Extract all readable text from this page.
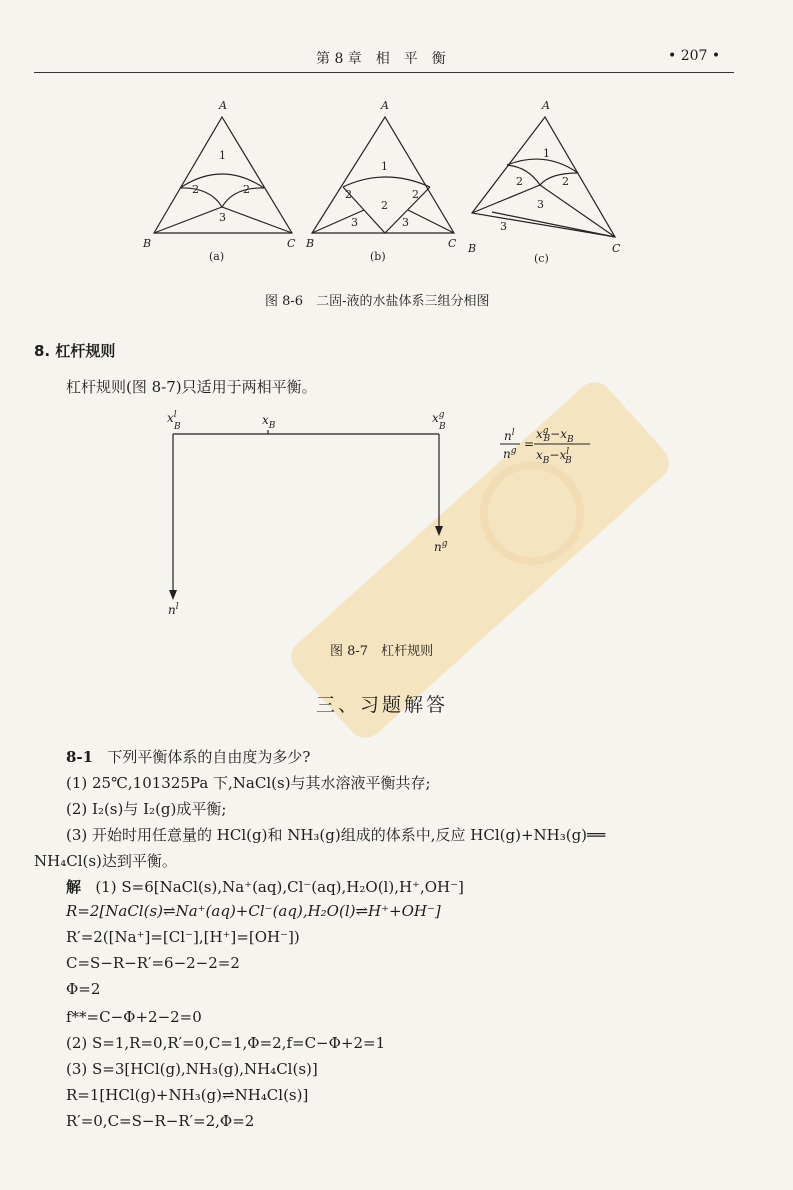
第 8 章　相　平　衡	• 207 •
A
B	C
1
2	2
3
(a)
A
B	C
1
2
2
2
3	3
(b)
A
B	C
1
2	2
3
3
(c)
图 8-6　二固-液的水盐体系三组分相图
8. 杠杆规则
杠杆规则(图 8-7)只适用于两相平衡。
$x^l$
B	$x_B$
$x^g$
B
$n^g$
$n^l$
$n^l$
$n^g$ =
$x^g$ $B-x_B$
$x_B-x^l$ B
图 8-7　杠杆规则
三、习题解答
8-1 下列平衡体系的自由度为多少?
(1) 25℃,101325Pa 下,NaCl(s)与其水溶液平衡共存;
(2) I₂(s)与 I₂(g)成平衡;
(3) 开始时用任意量的 HCl(g)和 NH₃(g)组成的体系中,反应 HCl(g)+NH₃(g)══
NH₄Cl(s)达到平衡。
解 (1) S=6[NaCl(s),Na⁺(aq),Cl⁻(aq),H₂O(l),H⁺,OH⁻]
R=2[NaCl(s)⇌Na⁺(aq)+Cl⁻(aq),H₂O(l)⇌H⁺+OH⁻]
R′=2([Na⁺]=[Cl⁻],[H⁺]=[OH⁻])
C=S−R−R′=6−2−2=2
Φ=2
f**=C−Φ+2−2=0
(2) S=1,R=0,R′=0,C=1,Φ=2,f=C−Φ+2=1
(3) S=3[HCl(g),NH₃(g),NH₄Cl(s)]
R=1[HCl(g)+NH₃(g)⇌NH₄Cl(s)]
R′=0,C=S−R−R′=2,Φ=2
